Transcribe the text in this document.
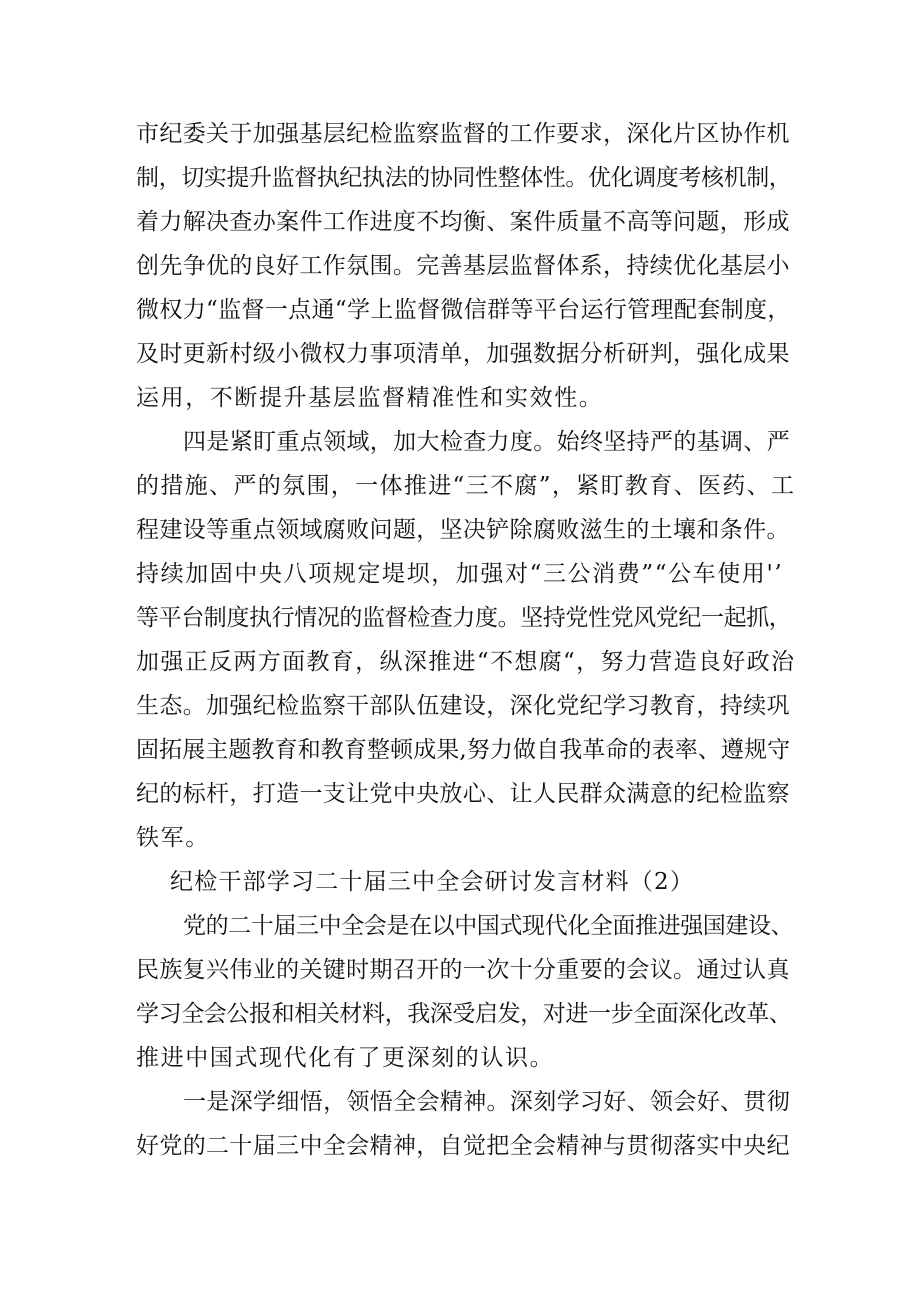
市纪委关于加强基层纪检监察监督的工作要求，深化片区协作机
制，切实提升监督执纪执法的协同性整体性。优化调度考核机制，
着力解决查办案件工作进度不均衡、案件质量不高等问题，形成
创先争优的良好工作氛围。完善基层监督体系，持续优化基层小
微权力“监督一点通“学上监督微信群等平台运行管理配套制度，
及时更新村级小微权力事项清单，加强数据分析研判，强化成果
运用，不断提升基层监督精准性和实效性。
四是紧盯重点领域，加大检查力度。始终坚持严的基调、严
的措施、严的氛围，一体推进“三不腐”，紧盯教育、医药、工
程建设等重点领域腐败问题，坚决铲除腐败滋生的土壤和条件。
持续加固中央八项规定堤坝，加强对“三公消费”“公车使用'’
等平台制度执行情况的监督检查力度。坚持党性党风党纪一起抓，
加强正反两方面教育，纵深推进“不想腐“，努力营造良好政治
生态。加强纪检监察干部队伍建设，深化党纪学习教育，持续巩
固拓展主题教育和教育整顿成果,努力做自我革命的表率、遵规守
纪的标杆，打造一支让党中央放心、让人民群众满意的纪检监察
铁军。
纪检干部学习二十届三中全会研讨发言材料（2）
党的二十届三中全会是在以中国式现代化全面推进强国建设、
民族复兴伟业的关键时期召开的一次十分重要的会议。通过认真
学习全会公报和相关材料，我深受启发，对进一步全面深化改革、
推进中国式现代化有了更深刻的认识。
一是深学细悟，领悟全会精神。深刻学习好、领会好、贯彻
好党的二十届三中全会精神，自觉把全会精神与贯彻落实中央纪
